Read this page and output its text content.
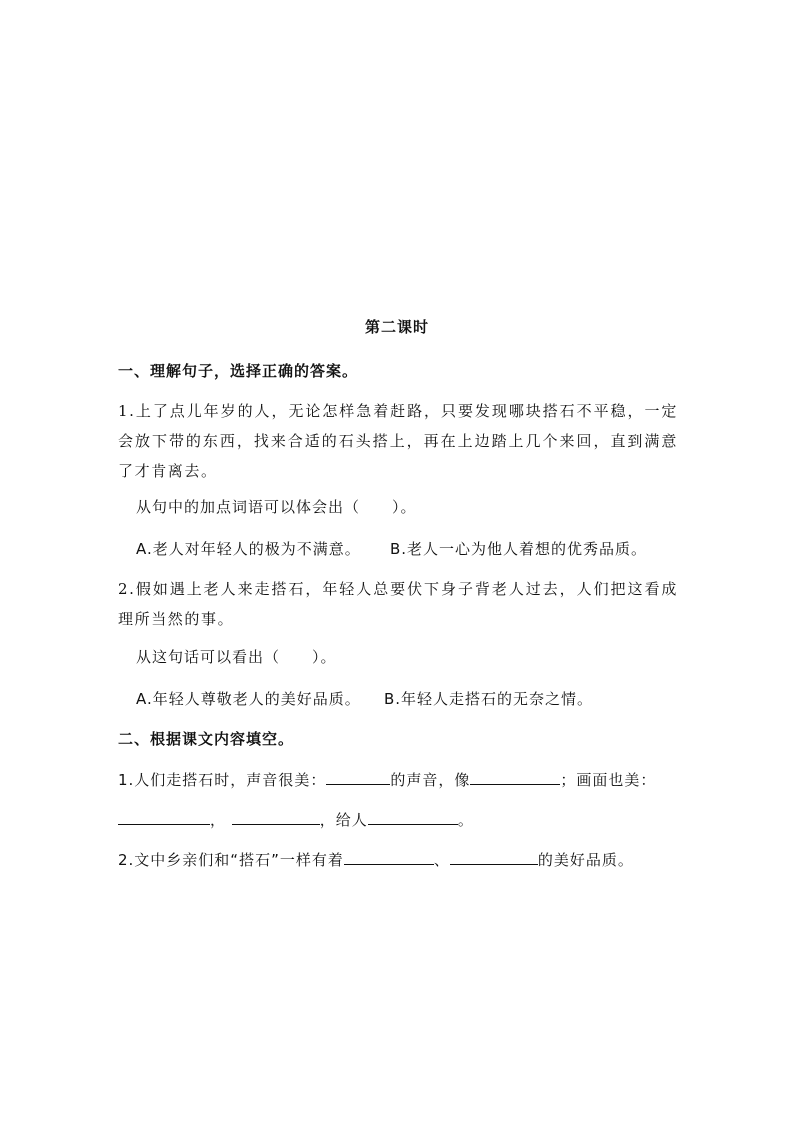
第二课时
一、理解句子，选择正确的答案。
1.上了点儿年岁的人，无论怎样急着赶路，只要发现哪块搭石不平稳，一定会放下带的东西，找来合适的石头搭上，再在上边踏上几个来回，直到满意了才肯离去。
从句中的加点词语可以体会出（　　）。
A.老人对年轻人的极为不满意。 B.老人一心为他人着想的优秀品质。
2.假如遇上老人来走搭石，年轻人总要伏下身子背老人过去，人们把这看成理所当然的事。
从这句话可以看出（　　）。
A.年轻人尊敬老人的美好品质。 B.年轻人走搭石的无奈之情。
二、根据课文内容填空。
1.人们走搭石时，声音很美：	的声音，像	；画面也美：
，	，给人	。
2.文中乡亲们和“搭石”一样有着	、	的美好品质。
